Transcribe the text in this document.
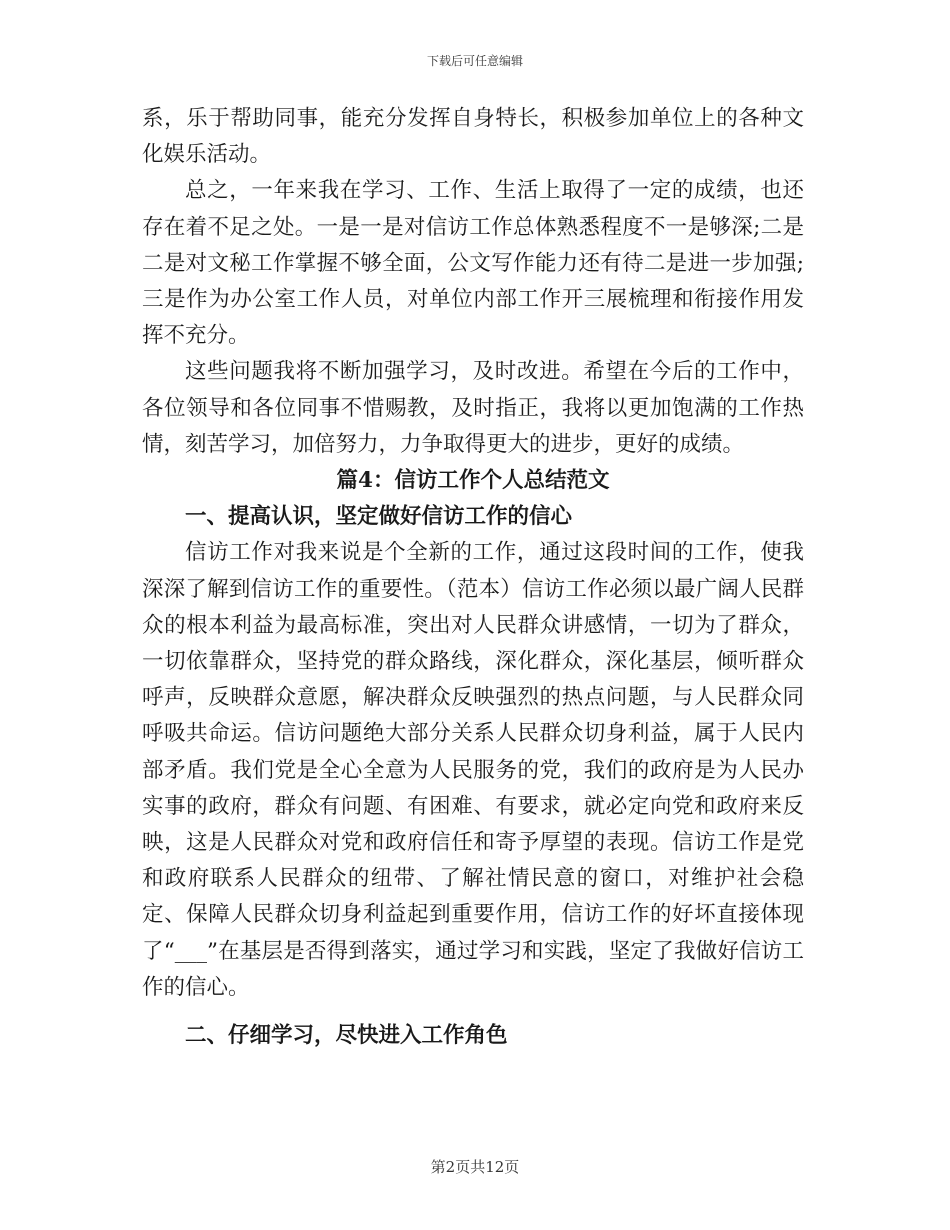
下载后可任意编辑

系，乐于帮助同事，能充分发挥自身特长，积极参加单位上的各种文化娱乐活动。

总之，一年来我在学习、工作、生活上取得了一定的成绩，也还存在着不足之处。一是一是对信访工作总体熟悉程度不一是够深;二是二是对文秘工作掌握不够全面，公文写作能力还有待二是进一步加强;三是作为办公室工作人员，对单位内部工作开三展梳理和衔接作用发挥不充分。

这些问题我将不断加强学习，及时改进。希望在今后的工作中，各位领导和各位同事不惜赐教，及时指正，我将以更加饱满的工作热情，刻苦学习，加倍努力，力争取得更大的进步，更好的成绩。

篇4：信访工作个人总结范文

一、提高认识，坚定做好信访工作的信心

信访工作对我来说是个全新的工作，通过这段时间的工作，使我深深了解到信访工作的重要性。（范本）信访工作必须以最广阔人民群众的根本利益为最高标准，突出对人民群众讲感情，一切为了群众，一切依靠群众，坚持党的群众路线，深化群众，深化基层，倾听群众呼声，反映群众意愿，解决群众反映强烈的热点问题，与人民群众同呼吸共命运。信访问题绝大部分关系人民群众切身利益，属于人民内部矛盾。我们党是全心全意为人民服务的党，我们的政府是为人民办实事的政府，群众有问题、有困难、有要求，就必定向党和政府来反映，这是人民群众对党和政府信任和寄予厚望的表现。信访工作是党和政府联系人民群众的纽带、了解社情民意的窗口，对维护社会稳定、保障人民群众切身利益起到重要作用，信访工作的好坏直接体现了“___”在基层是否得到落实，通过学习和实践，坚定了我做好信访工作的信心。

二、仔细学习，尽快进入工作角色

第2页共12页
